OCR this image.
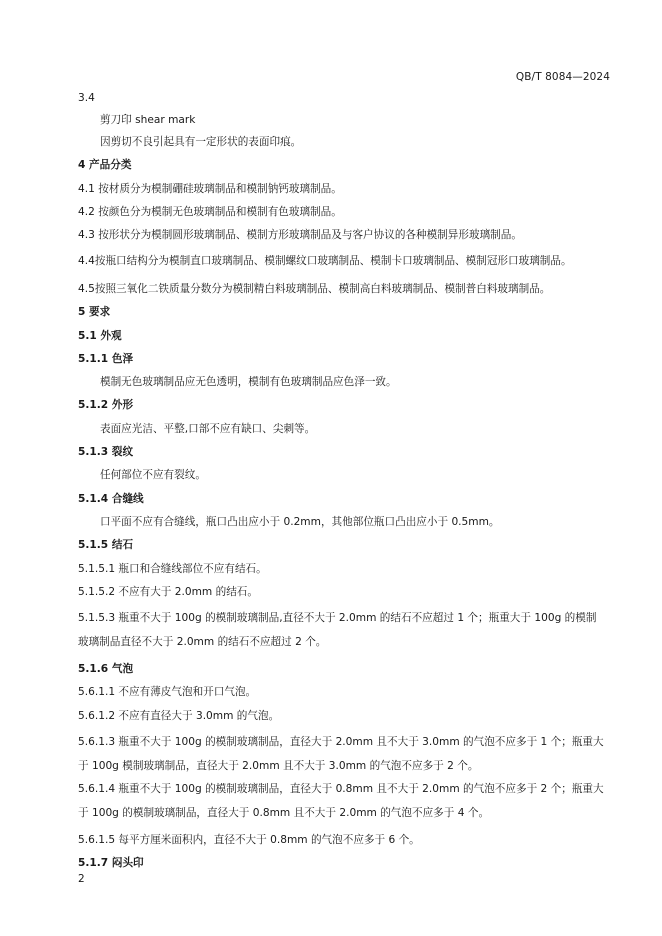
QB/T 8084—2024

3.4

剪刀印 shear mark

因剪切不良引起具有一定形状的表面印痕。

4 产品分类

4.1 按材质分为模制硼硅玻璃制品和模制钠钙玻璃制品。

4.2 按颜色分为模制无色玻璃制品和模制有色玻璃制品。

4.3 按形状分为模制圆形玻璃制品、模制方形玻璃制品及与客户协议的各种模制异形玻璃制品。

4.4按瓶口结构分为模制直口玻璃制品、模制螺纹口玻璃制品、模制卡口玻璃制品、模制冠形口玻璃制品。

4.5按照三氧化二铁质量分数分为模制精白料玻璃制品、模制高白料玻璃制品、模制普白料玻璃制品。

5 要求

5.1 外观

5.1.1 色泽

模制无色玻璃制品应无色透明，模制有色玻璃制品应色泽一致。

5.1.2 外形

表面应光洁、平整,口部不应有缺口、尖刺等。

5.1.3 裂纹

任何部位不应有裂纹。

5.1.4 合缝线

口平面不应有合缝线，瓶口凸出应小于 0.2mm，其他部位瓶口凸出应小于 0.5mm。

5.1.5 结石

5.1.5.1 瓶口和合缝线部位不应有结石。

5.1.5.2 不应有大于 2.0mm 的结石。

5.1.5.3 瓶重不大于 100g 的模制玻璃制品,直径不大于 2.0mm 的结石不应超过 1 个；瓶重大于 100g 的模制玻璃制品直径不大于 2.0mm 的结石不应超过 2 个。

5.1.6 气泡

5.6.1.1 不应有薄皮气泡和开口气泡。

5.6.1.2 不应有直径大于 3.0mm 的气泡。

5.6.1.3 瓶重不大于 100g 的模制玻璃制品，直径大于 2.0mm 且不大于 3.0mm 的气泡不应多于 1 个；瓶重大于 100g 模制玻璃制品，直径大于 2.0mm 且不大于 3.0mm 的气泡不应多于 2 个。

5.6.1.4 瓶重不大于 100g 的模制玻璃制品，直径大于 0.8mm 且不大于 2.0mm 的气泡不应多于 2 个；瓶重大于 100g 的模制玻璃制品，直径大于 0.8mm 且不大于 2.0mm 的气泡不应多于 4 个。

5.6.1.5 每平方厘米面积内，直径不大于 0.8mm 的气泡不应多于 6 个。

5.1.7 闷头印

2
